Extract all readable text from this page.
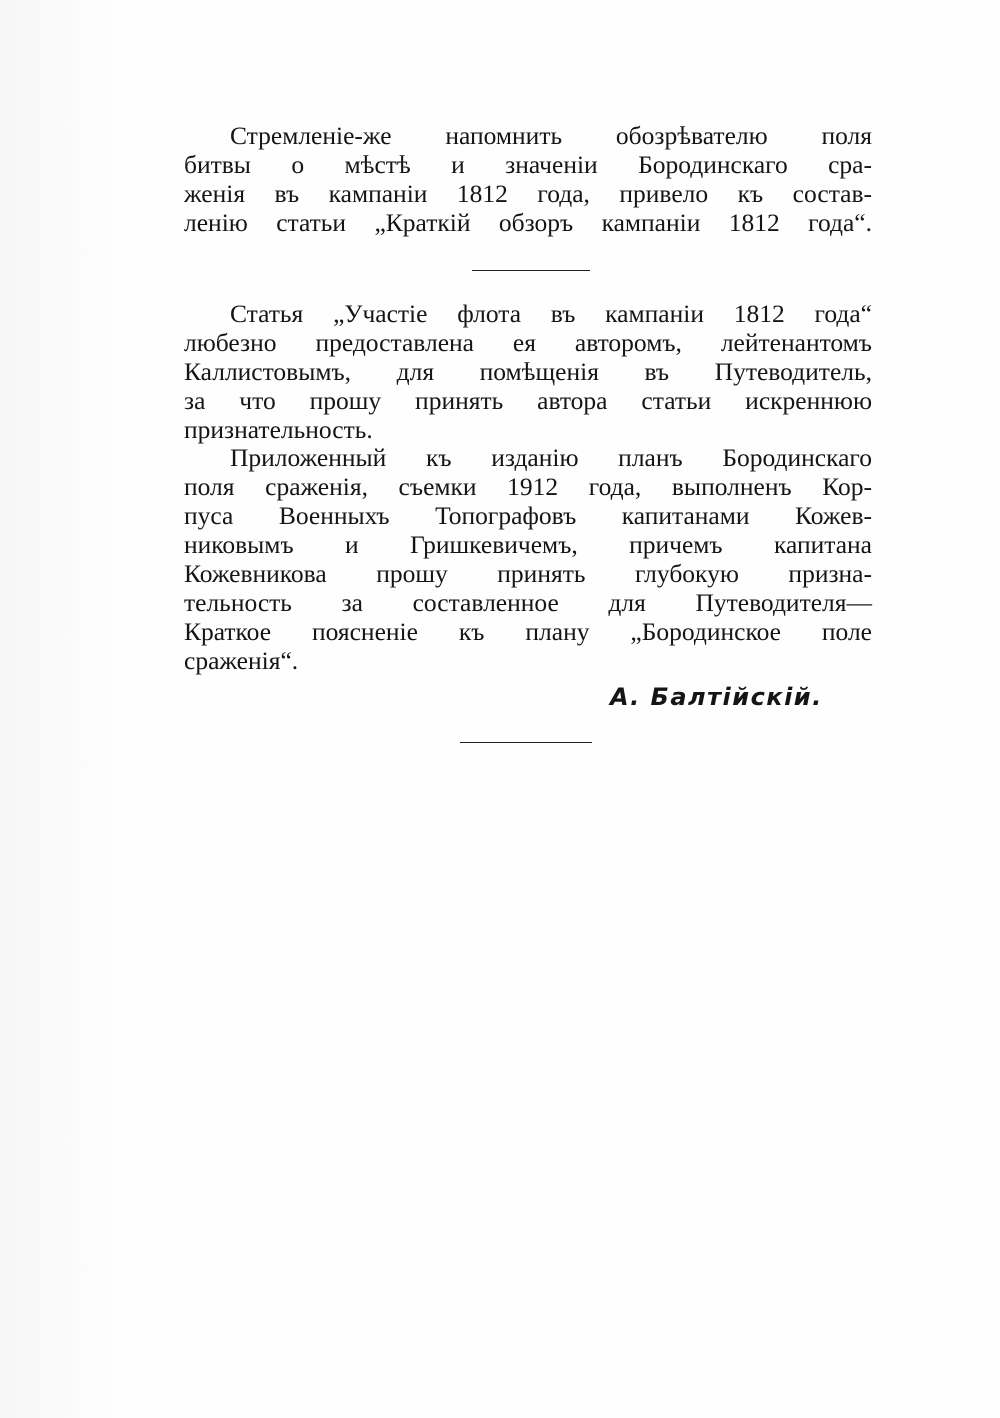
Стремленіе-же напомнить обозрѣвателю поля
битвы о мѣстѣ и значеніи Бородинскаго сра-
женія въ кампаніи 1812 года, привело къ состав-
ленію статьи „Краткій обзоръ кампаніи 1812 года“.
Статья „Участіе флота въ кампаніи 1812 года“
любезно предоставлена ея авторомъ, лейтенантомъ
Каллистовымъ, для помѣщенія въ Путеводитель,
за что прошу принять автора статьи искреннюю
признательность.
Приложенный къ изданію планъ Бородинскаго
поля сраженія, съемки 1912 года, выполненъ Кор-
пуса Военныхъ Топографовъ капитанами Кожев-
никовымъ и Гришкевичемъ, причемъ капитана
Кожевникова прошу принять глубокую призна-
тельность за составленное для Путеводителя—
Краткое поясненіе къ плану „Бородинское поле
сраженія“.
А. Балтійскій.
